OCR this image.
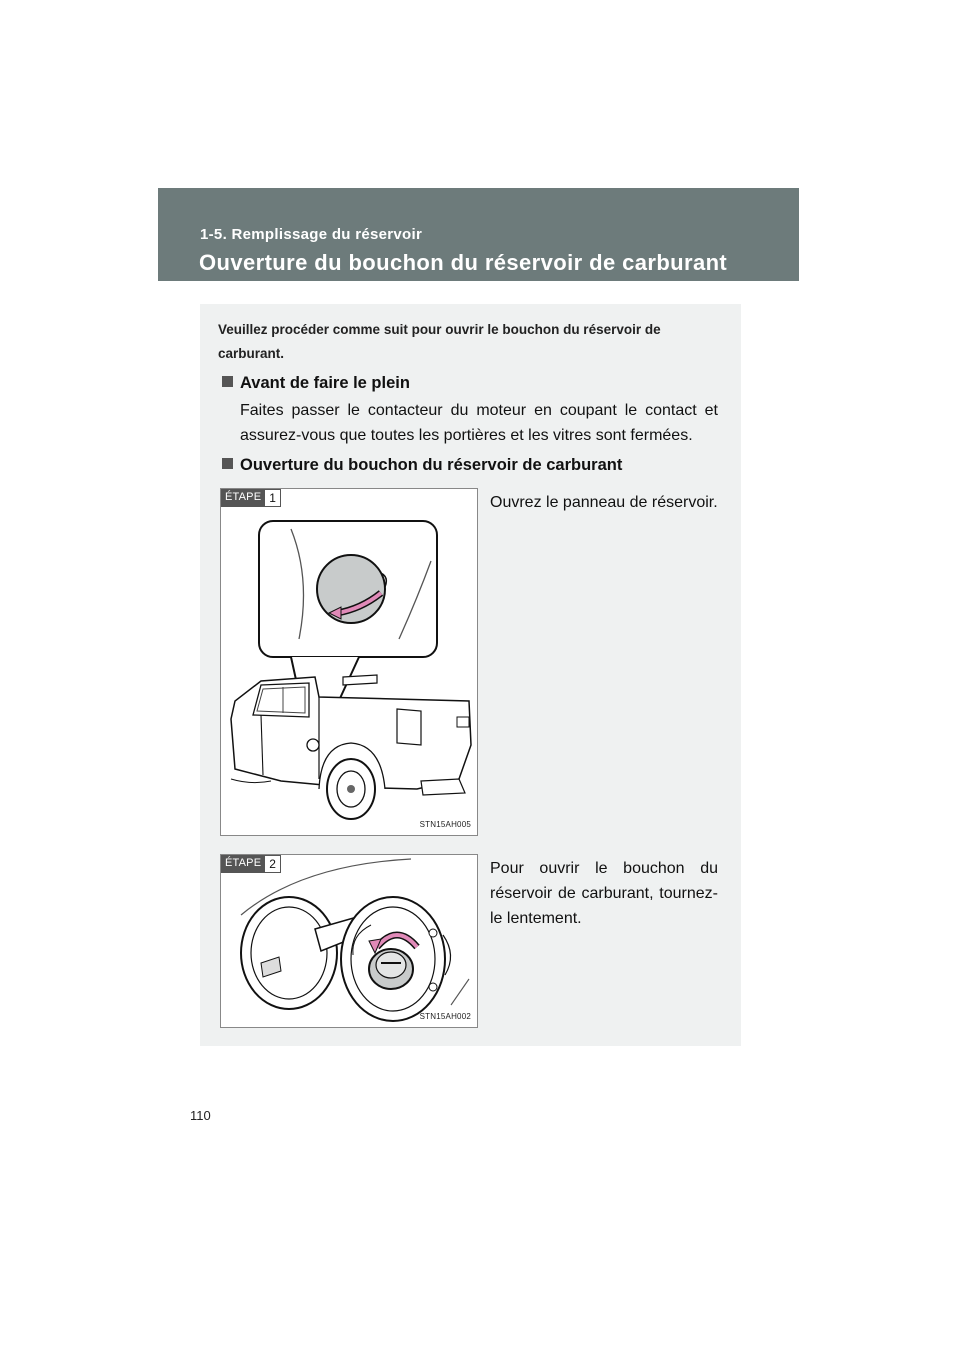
1-5. Remplissage du réservoir
Ouverture du bouchon du réservoir de carburant
Veuillez procéder comme suit pour ouvrir le bouchon du réservoir de carburant.
Avant de faire le plein
Faites passer le contacteur du moteur en coupant le contact et assurez-vous que toutes les portières et les vitres sont fermées.
Ouverture du bouchon du réservoir de carburant
ÉTAPE 1
STN15AH005
Ouvrez le panneau de réservoir.
ÉTAPE 2
STN15AH002
Pour ouvrir le bouchon du réservoir de carburant, tournez-le lentement.
110
